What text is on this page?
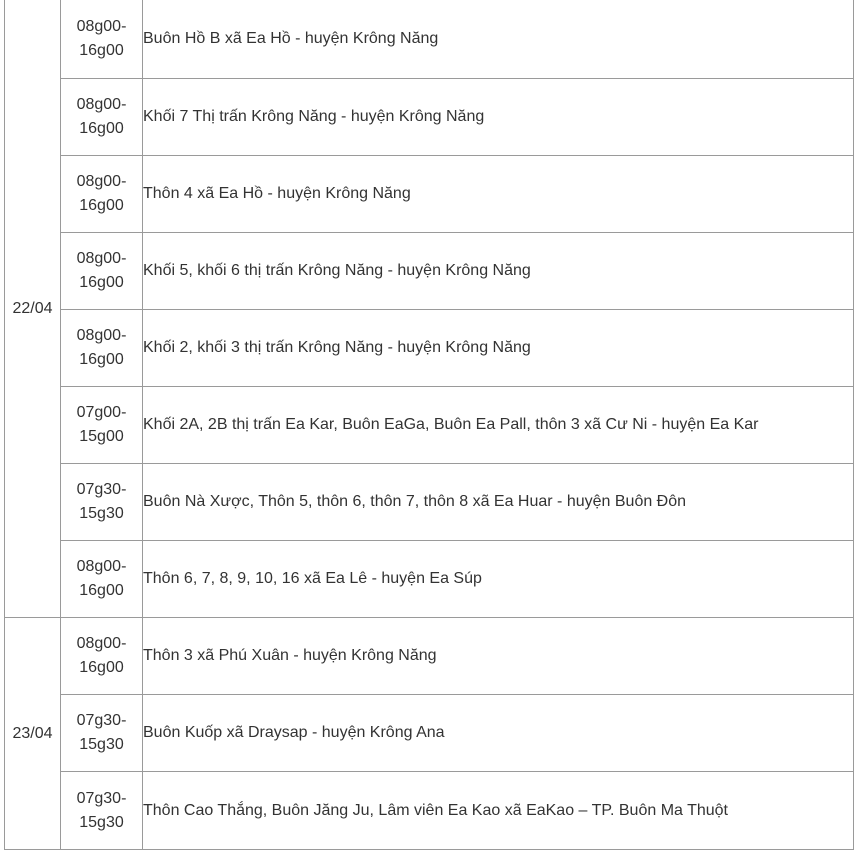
22/04	08g00-
16g00	Buôn Hồ B xã Ea Hồ - huyện Krông Năng

	08g00-
16g00	Khối 7 Thị trấn Krông Năng - huyện Krông Năng

	08g00-
16g00	Thôn 4 xã Ea Hồ - huyện Krông Năng

	08g00-
16g00	Khối 5, khối 6 thị trấn Krông Năng - huyện Krông Năng

	08g00-
16g00	Khối 2, khối 3 thị trấn Krông Năng - huyện Krông Năng

	07g00-
15g00	Khối 2A, 2B thị trấn Ea Kar, Buôn EaGa, Buôn Ea Pall, thôn 3 xã Cư Ni - huyện Ea Kar

	07g30-
15g30	Buôn Nà Xược, Thôn 5, thôn 6, thôn 7, thôn 8 xã Ea Huar - huyện Buôn Đôn

	08g00-
16g00	Thôn 6, 7, 8, 9, 10, 16 xã Ea Lê - huyện Ea Súp
23/04	08g00-
16g00	Thôn 3 xã Phú Xuân - huyện Krông Năng

	07g30-
15g30	Buôn Kuốp xã Draysap - huyện Krông Ana

	07g30-
15g30	Thôn Cao Thắng, Buôn Jăng Ju, Lâm viên Ea Kao xã EaKao – TP. Buôn Ma Thuột
